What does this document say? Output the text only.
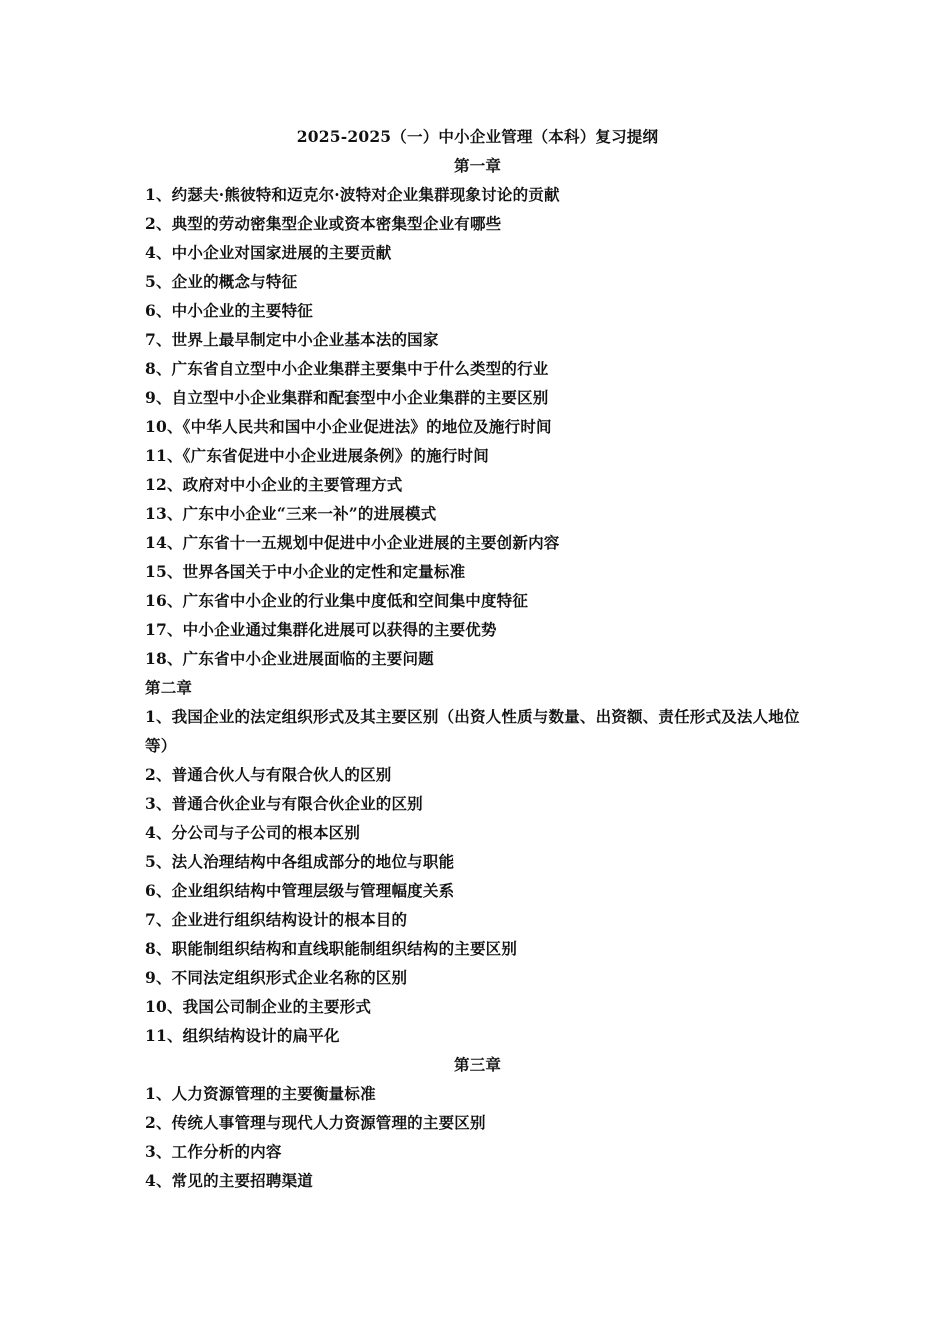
2025-2025（一）中小企业管理（本科）复习提纲
第一章
1、约瑟夫·熊彼特和迈克尔·波特对企业集群现象讨论的贡献
2、典型的劳动密集型企业或资本密集型企业有哪些
4、中小企业对国家进展的主要贡献
5、企业的概念与特征
6、中小企业的主要特征
7、世界上最早制定中小企业基本法的国家
8、广东省自立型中小企业集群主要集中于什么类型的行业
9、自立型中小企业集群和配套型中小企业集群的主要区别
10、《中华人民共和国中小企业促进法》的地位及施行时间
11、《广东省促进中小企业进展条例》的施行时间
12、政府对中小企业的主要管理方式
13、广东中小企业“三来一补”的进展模式
14、广东省十一五规划中促进中小企业进展的主要创新内容
15、世界各国关于中小企业的定性和定量标准
16、广东省中小企业的行业集中度低和空间集中度特征
17、中小企业通过集群化进展可以获得的主要优势
18、广东省中小企业进展面临的主要问题
第二章
1、我国企业的法定组织形式及其主要区别（出资人性质与数量、出资额、责任形式及法人地位等）
2、普通合伙人与有限合伙人的区别
3、普通合伙企业与有限合伙企业的区别
4、分公司与子公司的根本区别
5、法人治理结构中各组成部分的地位与职能
6、企业组织结构中管理层级与管理幅度关系
7、企业进行组织结构设计的根本目的
8、职能制组织结构和直线职能制组织结构的主要区别
9、不同法定组织形式企业名称的区别
10、我国公司制企业的主要形式
11、组织结构设计的扁平化
第三章
1、人力资源管理的主要衡量标准
2、传统人事管理与现代人力资源管理的主要区别
3、工作分析的内容
4、常见的主要招聘渠道
